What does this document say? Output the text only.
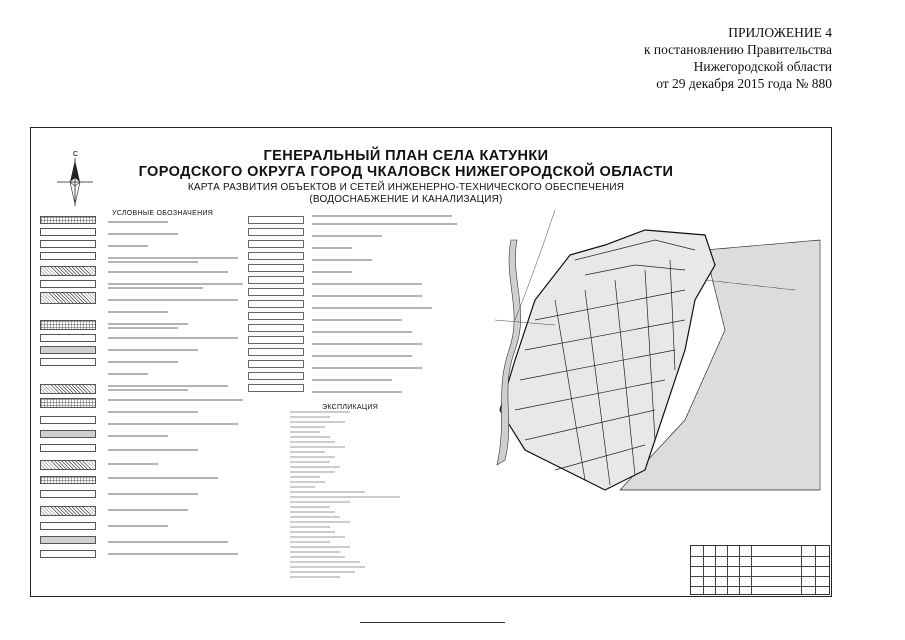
ПРИЛОЖЕНИЕ 4
к постановлению Правительства
Нижегородской области
от 29 декабря 2015 года № 880
С	ГЕНЕРАЛЬНЫЙ ПЛАН СЕЛА КАТУНКИ
ГОРОДСКОГО ОКРУГА ГОРОД ЧКАЛОВСК НИЖЕГОРОДСКОЙ ОБЛАСТИ
КАРТА РАЗВИТИЯ ОБЪЕКТОВ И СЕТЕЙ ИНЖЕНЕРНО-ТЕХНИЧЕСКОГО ОБЕСПЕЧЕНИЯ
(ВОДОСНАБЖЕНИЕ И КАНАЛИЗАЦИЯ)
УСЛОВНЫЕ ОБОЗНАЧЕНИЯ
ЭКСПЛИКАЦИЯ
